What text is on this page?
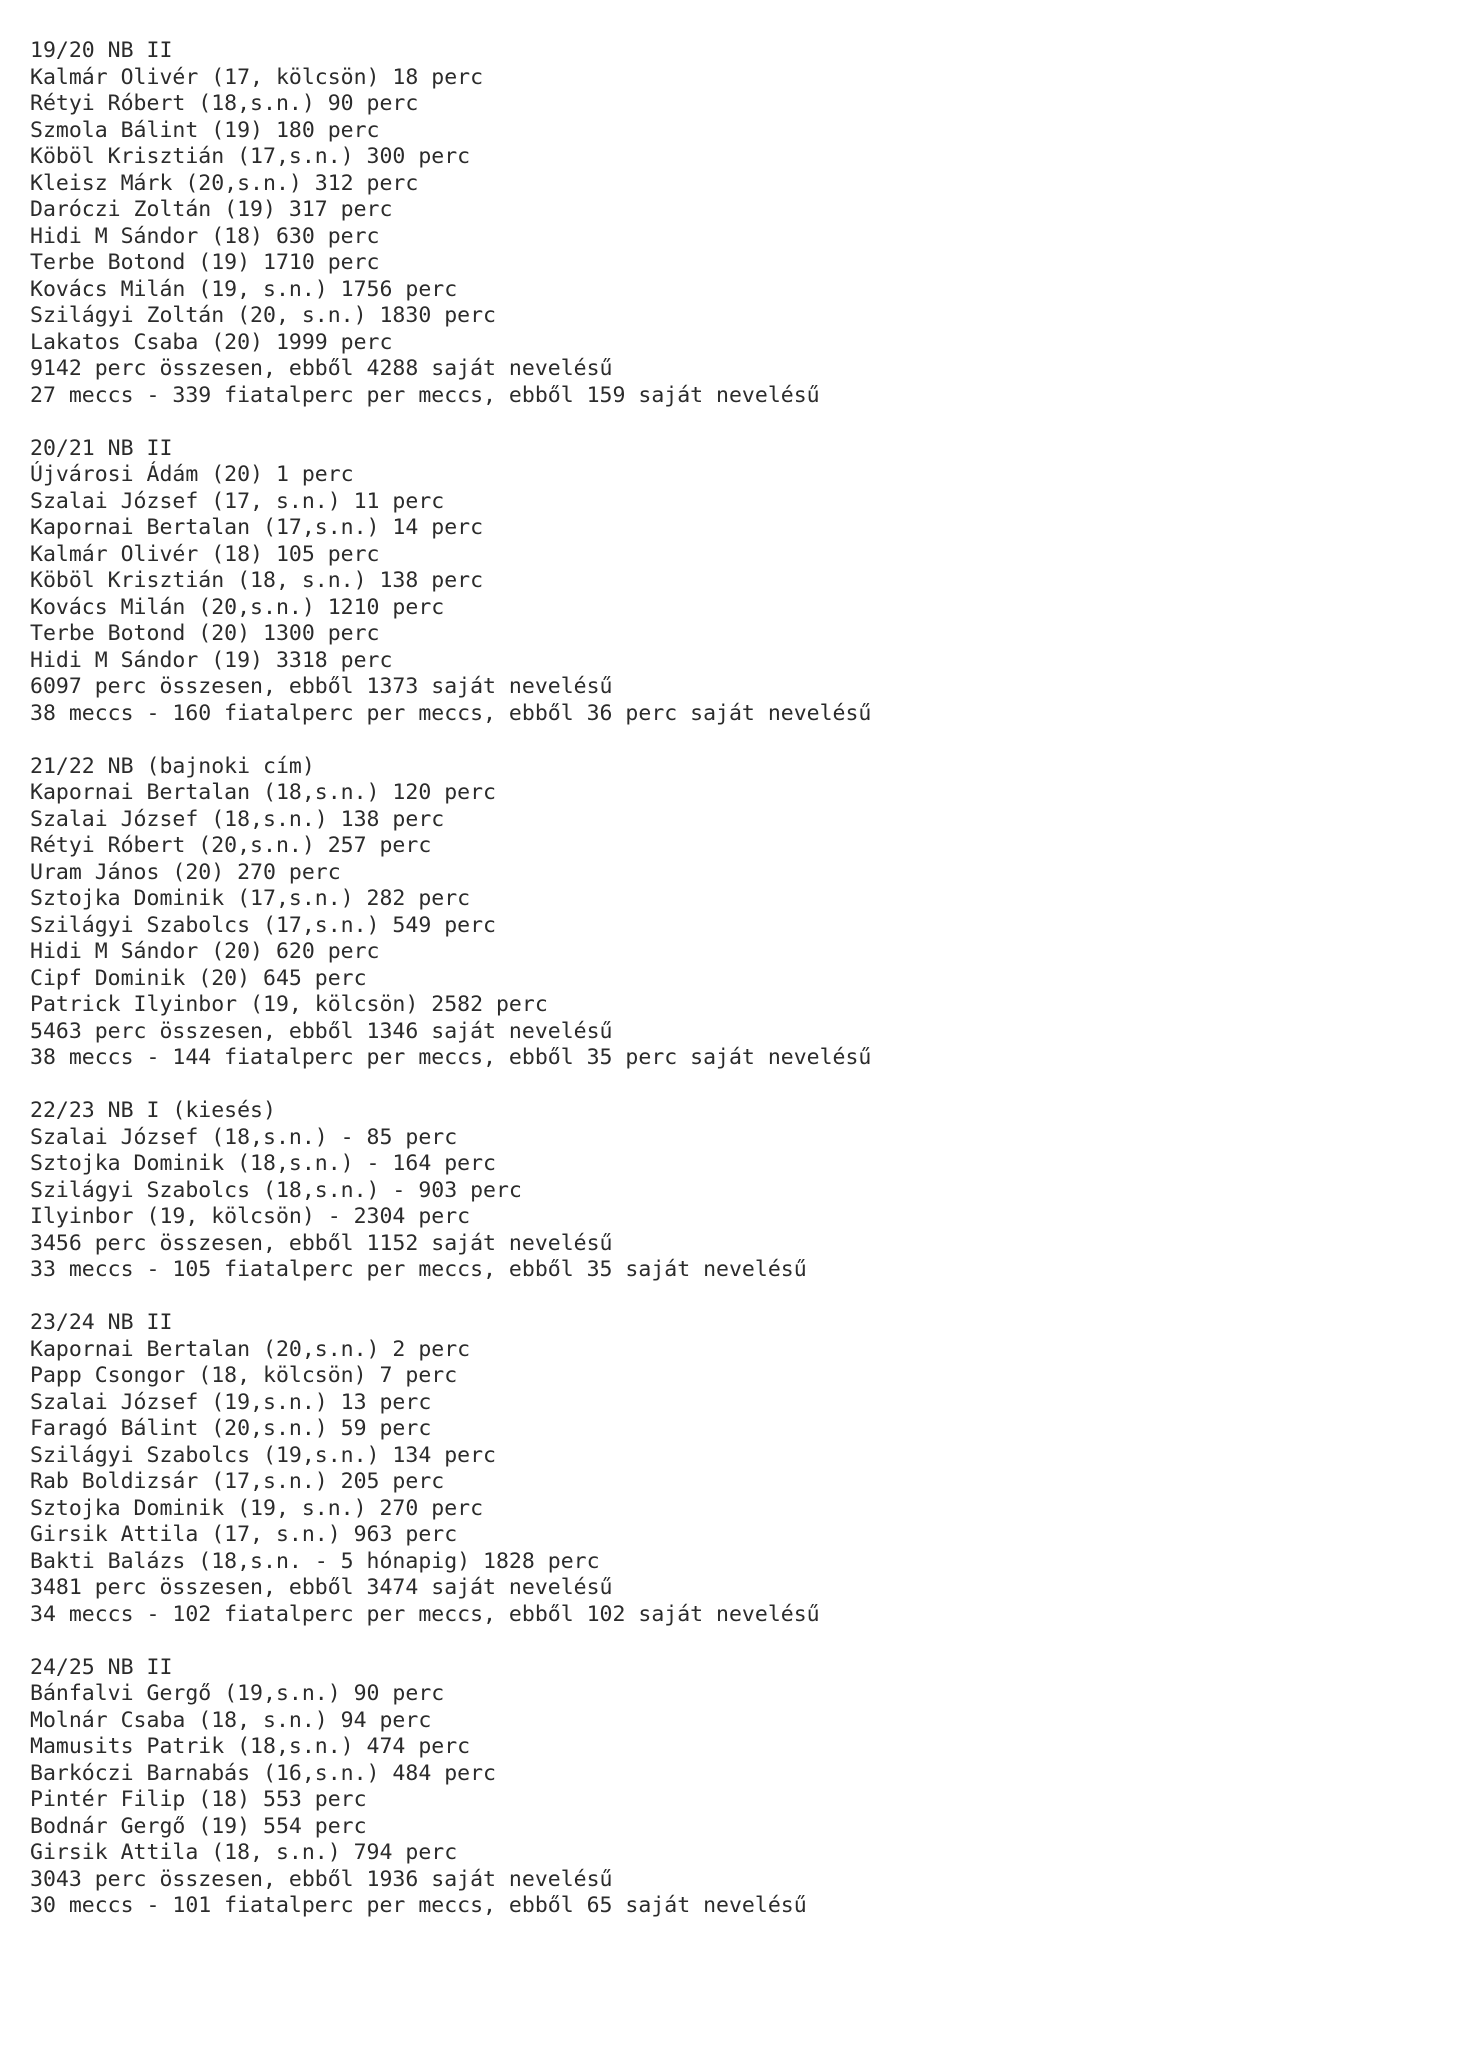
19/20 NB II
Kalmár Olivér (17, kölcsön) 18 perc
Rétyi Róbert (18,s.n.) 90 perc
Szmola Bálint (19) 180 perc
Köböl Krisztián (17,s.n.) 300 perc
Kleisz Márk (20,s.n.) 312 perc
Daróczi Zoltán (19) 317 perc
Hidi M Sándor (18) 630 perc
Terbe Botond (19) 1710 perc
Kovács Milán (19, s.n.) 1756 perc
Szilágyi Zoltán (20, s.n.) 1830 perc
Lakatos Csaba (20) 1999 perc
9142 perc összesen, ebből 4288 saját nevelésű
27 meccs - 339 fiatalperc per meccs, ebből 159 saját nevelésű
20/21 NB II
Újvárosi Ádám (20) 1 perc
Szalai József (17, s.n.) 11 perc
Kapornai Bertalan (17,s.n.) 14 perc
Kalmár Olivér (18) 105 perc
Köböl Krisztián (18, s.n.) 138 perc
Kovács Milán (20,s.n.) 1210 perc
Terbe Botond (20) 1300 perc
Hidi M Sándor (19) 3318 perc
6097 perc összesen, ebből 1373 saját nevelésű
38 meccs - 160 fiatalperc per meccs, ebből 36 perc saját nevelésű
21/22 NB (bajnoki cím)
Kapornai Bertalan (18,s.n.) 120 perc
Szalai József (18,s.n.) 138 perc
Rétyi Róbert (20,s.n.) 257 perc
Uram János (20) 270 perc
Sztojka Dominik (17,s.n.) 282 perc
Szilágyi Szabolcs (17,s.n.) 549 perc
Hidi M Sándor (20) 620 perc
Cipf Dominik (20) 645 perc
Patrick Ilyinbor (19, kölcsön) 2582 perc
5463 perc összesen, ebből 1346 saját nevelésű
38 meccs - 144 fiatalperc per meccs, ebből 35 perc saját nevelésű
22/23 NB I (kiesés)
Szalai József (18,s.n.) - 85 perc
Sztojka Dominik (18,s.n.) - 164 perc
Szilágyi Szabolcs (18,s.n.) - 903 perc
Ilyinbor (19, kölcsön) - 2304 perc
3456 perc összesen, ebből 1152 saját nevelésű
33 meccs - 105 fiatalperc per meccs, ebből 35 saját nevelésű
23/24 NB II
Kapornai Bertalan (20,s.n.) 2 perc
Papp Csongor (18, kölcsön) 7 perc
Szalai József (19,s.n.) 13 perc
Faragó Bálint (20,s.n.) 59 perc
Szilágyi Szabolcs (19,s.n.) 134 perc
Rab Boldizsár (17,s.n.) 205 perc
Sztojka Dominik (19, s.n.) 270 perc
Girsik Attila (17, s.n.) 963 perc
Bakti Balázs (18,s.n. - 5 hónapig) 1828 perc
3481 perc összesen, ebből 3474 saját nevelésű
34 meccs - 102 fiatalperc per meccs, ebből 102 saját nevelésű
24/25 NB II
Bánfalvi Gergő (19,s.n.) 90 perc
Molnár Csaba (18, s.n.) 94 perc
Mamusits Patrik (18,s.n.) 474 perc
Barkóczi Barnabás (16,s.n.) 484 perc
Pintér Filip (18) 553 perc
Bodnár Gergő (19) 554 perc
Girsik Attila (18, s.n.) 794 perc
3043 perc összesen, ebből 1936 saját nevelésű
30 meccs - 101 fiatalperc per meccs, ebből 65 saját nevelésű
